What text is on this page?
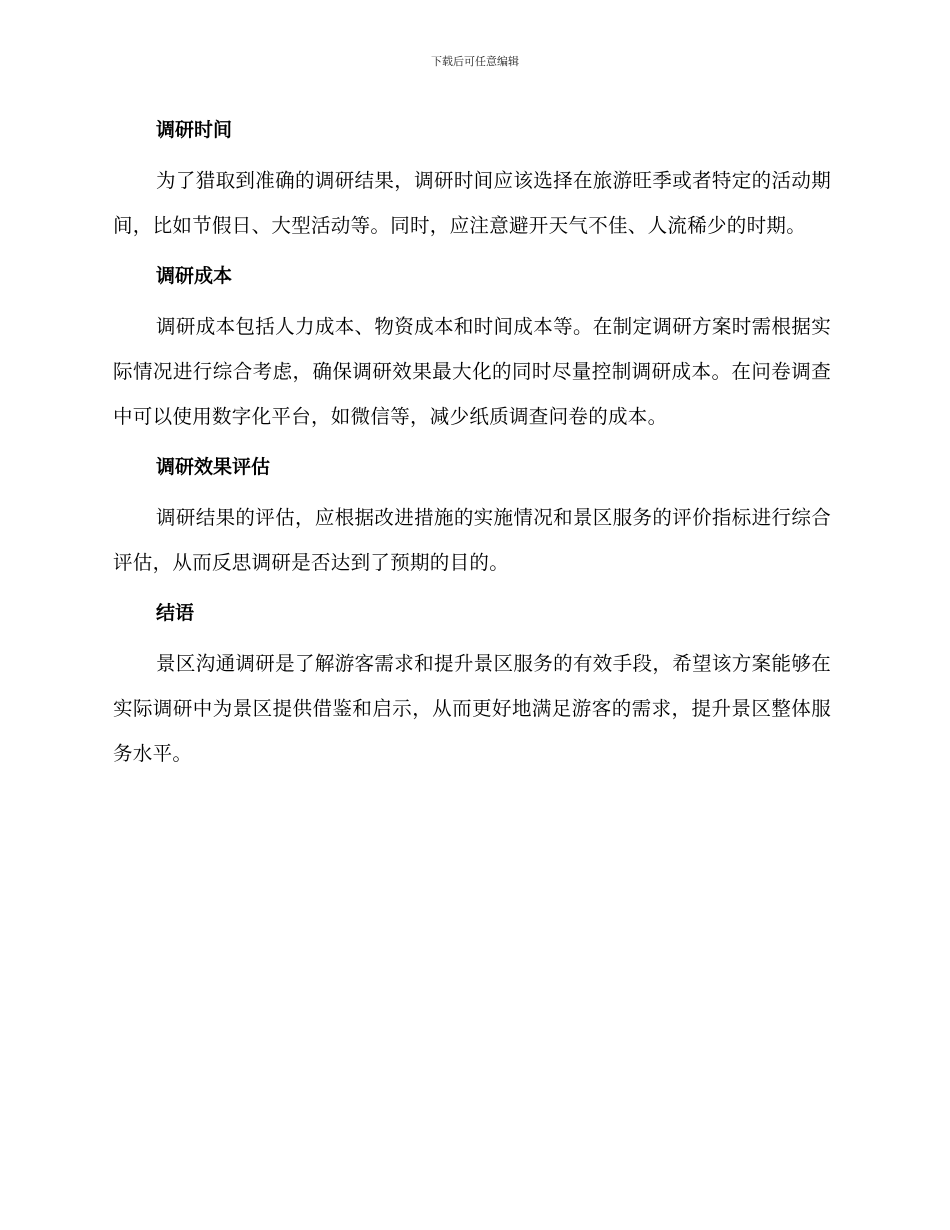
下载后可任意编辑
调研时间

为了猎取到准确的调研结果，调研时间应该选择在旅游旺季或者特定的活动期间，比如节假日、大型活动等。同时，应注意避开天气不佳、人流稀少的时期。

调研成本

调研成本包括人力成本、物资成本和时间成本等。在制定调研方案时需根据实际情况进行综合考虑，确保调研效果最大化的同时尽量控制调研成本。在问卷调查中可以使用数字化平台，如微信等，减少纸质调查问卷的成本。

调研效果评估

调研结果的评估，应根据改进措施的实施情况和景区服务的评价指标进行综合评估，从而反思调研是否达到了预期的目的。

结语

景区沟通调研是了解游客需求和提升景区服务的有效手段，希望该方案能够在实际调研中为景区提供借鉴和启示，从而更好地满足游客的需求，提升景区整体服务水平。
